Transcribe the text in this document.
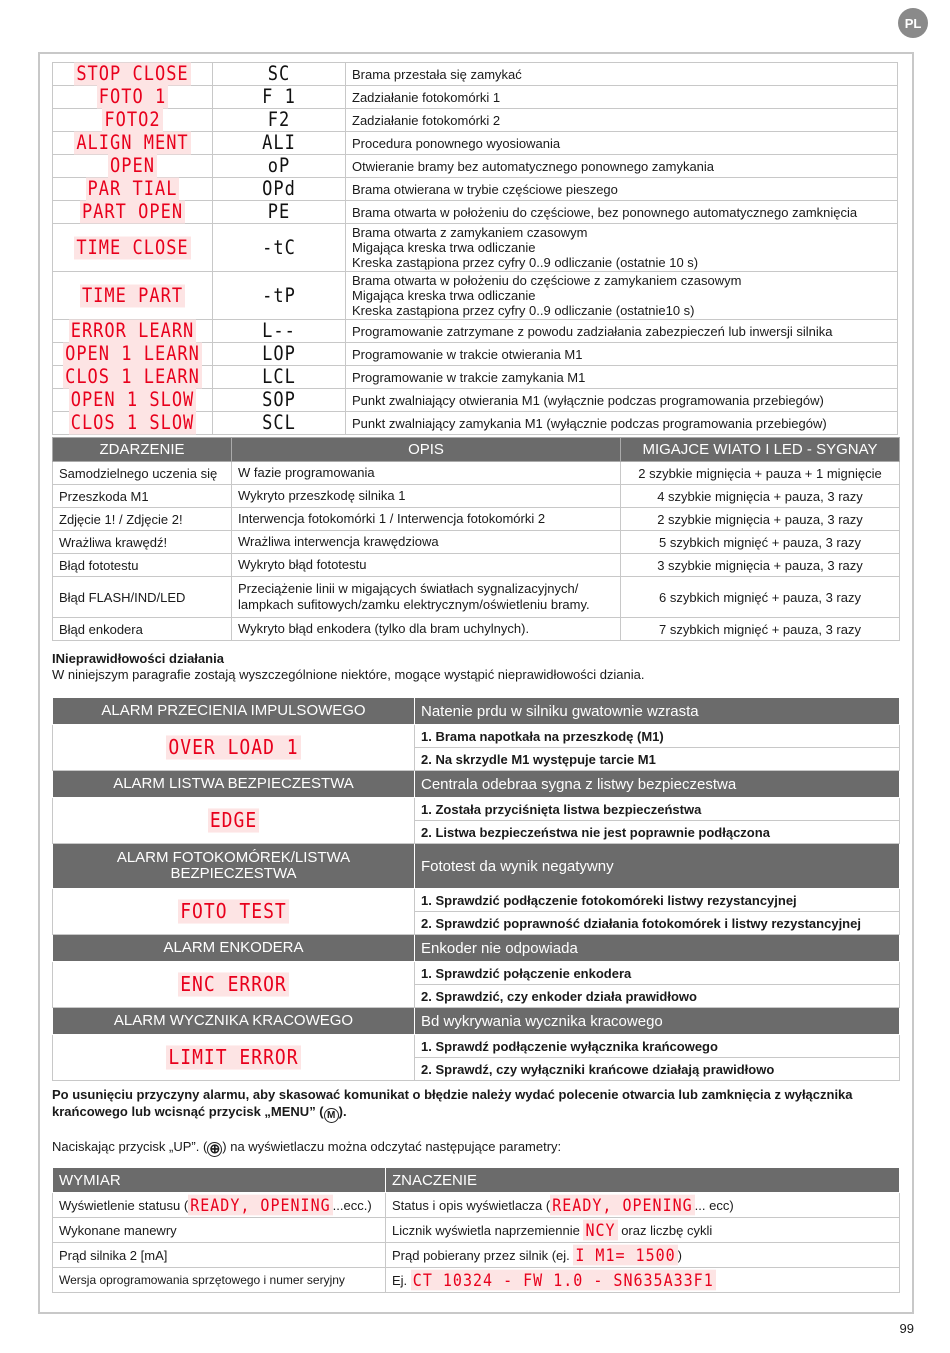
PL
STOP CLOSE	SC	Brama przestała się zamykać
FOTO 1	F 1	Zadziałanie fotokomórki 1
FOTO2	F2	Zadziałanie fotokomórki 2
ALIGN MENT	ALI	Procedura ponownego wyosiowania
OPEN	oP	Otwieranie bramy bez automatycznego ponownego zamykania
PAR TIAL	OPd	Brama otwierana w trybie częściowe pieszego
PART OPEN	PE	Brama otwarta w położeniu do częściowe, bez ponownego automatycznego zamknięcia
TIME CLOSE	-tC	Brama otwarta z zamykaniem czasowym
Migająca kreska trwa odliczanie
Kreska zastąpiona przez cyfry 0..9 odliczanie (ostatnie 10 s)
TIME PART	-tP	Brama otwarta w położeniu do częściowe z zamykaniem czasowym
Migająca kreska trwa odliczanie
Kreska zastąpiona przez cyfry 0..9 odliczanie (ostatnie10 s)
ERROR LEARN	L--	Programowanie zatrzymane z powodu zadziałania zabezpieczeń lub inwersji silnika
OPEN 1 LEARN	LOP	Programowanie w trakcie otwierania M1
CLOS 1 LEARN	LCL	Programowanie w trakcie zamykania M1
OPEN 1 SLOW	SOP	Punkt zwalniający otwierania M1 (wyłącznie podczas programowania przebiegów)
CLOS 1 SLOW	SCL	Punkt zwalniający zamykania M1 (wyłącznie podczas programowania przebiegów)
ZDARZENIE	OPIS	MIGAJCE WIATO I LED - SYGNAY
Samodzielnego uczenia się	W fazie programowania	2 szybkie mignięcia + pauza + 1 mignięcie
Przeszkoda M1	Wykryto przeszkodę silnika 1	4 szybkie mignięcia + pauza, 3 razy
Zdjęcie 1! / Zdjęcie 2!	Interwencja fotokomórki 1 / Interwencja fotokomórki 2	2 szybkie mignięcia + pauza, 3 razy
Wrażliwa krawędź!	Wrażliwa interwencja krawędziowa	5 szybkich mignięć + pauza, 3 razy
Błąd fototestu	Wykryto błąd fototestu	3 szybkie mignięcia + pauza, 3 razy
Błąd FLASH/IND/LED	Przeciążenie linii w migających światłach sygnalizacyjnych/
lampkach sufitowych/zamku elektrycznym/oświetleniu bramy.	6 szybkich mignięć + pauza, 3 razy
Błąd enkodera	Wykryto błąd enkodera (tylko dla bram uchylnych).	7 szybkich mignięć + pauza, 3 razy
INieprawidłowości działania
W niniejszym paragrafie zostają wyszczególnione niektóre, mogące wystąpić nieprawidłowości dziania.
ALARM PRZECIENIA IMPULSOWEGO	Natenie prdu w silniku gwatownie wzrasta
OVER LOAD 1	1. Brama napotkała na przeszkodę (M1)
	2. Na skrzydle M1 występuje tarcie M1
ALARM LISTWA BEZPIECZESTWA	Centrala odebraa sygna z listwy bezpieczestwa
EDGE	1. Została przyciśnięta listwa bezpieczeństwa
	2. Listwa bezpieczeństwa nie jest poprawnie podłączona
ALARM FOTOKOMÓREK/LISTWA BEZPIECZESTWA	Fototest da wynik negatywny
FOTO TEST	1. Sprawdzić podłączenie fotokomóreki listwy rezystancyjnej
	2. Sprawdzić poprawność działania fotokomórek i listwy rezystancyjnej
ALARM ENKODERA	Enkoder nie odpowiada
ENC ERROR	1. Sprawdzić połączenie enkodera
	2. Sprawdzić, czy enkoder działa prawidłowo
ALARM WYCZNIKA KRACOWEGO	Bd wykrywania wycznika kracowego
LIMIT ERROR	1. Sprawdź podłączenie wyłącznika krańcowego
	2. Sprawdź, czy wyłączniki krańcowe działają prawidłowo
Po usunięciu przyczyny alarmu, aby skasować komunikat o błędzie należy wydać polecenie otwarcia lub zamknięcia z wyłącznika krańcowego lub wcisnąć przycisk „MENU” ( M ).
Naciskając przycisk „UP”. ( ⊕ ) na wyświetlaczu można odczytać następujące parametry:
WYMIAR	ZNACZENIE
Wyświetlenie statusu ( READY, OPENING ...ecc.)	Status i opis wyświetlacza ( READY, OPENING ... ecc)
Wykonane manewry	Licznik wyświetla naprzemiennie NCY oraz liczbę cykli
Prąd silnika 2 [mA]	Prąd pobierany przez silnik (ej. I M1= 1500 )
Wersja oprogramowania sprzętowego i numer seryjny	Ej. CT 10324 - FW 1.0 - SN635A33F1
99
